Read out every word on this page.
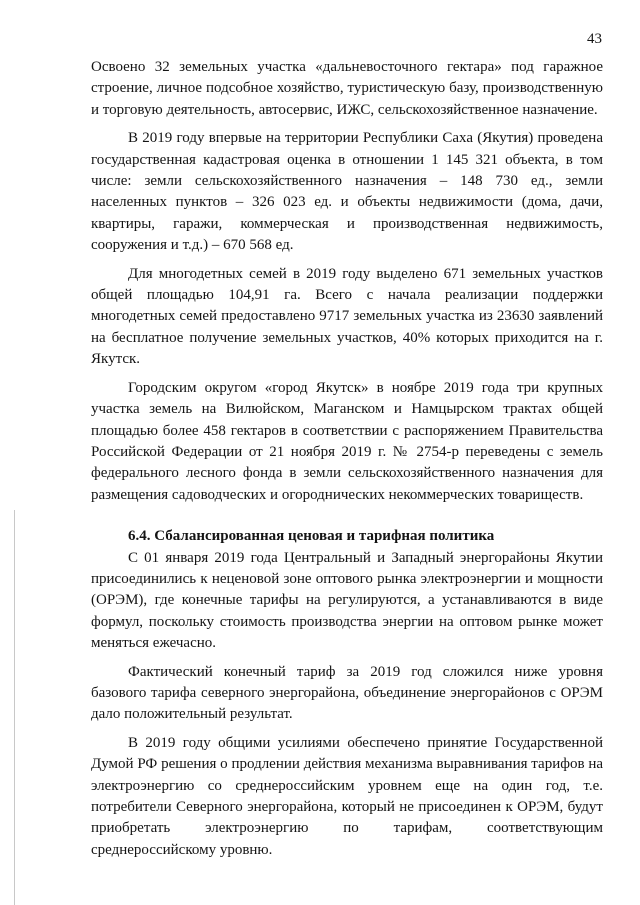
43

Освоено 32 земельных участка «дальневосточного гектара» под гаражное строение, личное подсобное хозяйство, туристическую базу, производственную и торговую деятельность, автосервис, ИЖС, сельскохозяйственное назначение.

В 2019 году впервые на территории Республики Саха (Якутия) проведена государственная кадастровая оценка в отношении 1 145 321 объекта, в том числе: земли сельскохозяйственного назначения – 148 730 ед., земли населенных пунктов – 326 023 ед. и объекты недвижимости (дома, дачи, квартиры, гаражи, коммерческая и производственная недвижимость, сооружения и т.д.) – 670 568 ед.

Для многодетных семей в 2019 году выделено 671 земельных участков общей площадью 104,91 га. Всего с начала реализации поддержки многодетных семей предоставлено 9717 земельных участка из 23630 заявлений на бесплатное получение земельных участков, 40% которых приходится на г. Якутск.

Городским округом «город Якутск» в ноябре 2019 года три крупных участка земель на Вилюйском, Маганском и Намцырском трактах общей площадью более 458 гектаров в соответствии с распоряжением Правительства Российской Федерации от 21 ноября 2019 г. № 2754-р переведены с земель федерального лесного фонда в земли сельскохозяйственного назначения для размещения садоводческих и огороднических некоммерческих товариществ.

6.4. Сбалансированная ценовая и тарифная политика

С 01 января 2019 года Центральный и Западный энергорайоны Якутии присоединились к неценовой зоне оптового рынка электроэнергии и мощности (ОРЭМ), где конечные тарифы на регулируются, а устанавливаются в виде формул, поскольку стоимость производства энергии на оптовом рынке может меняться ежечасно.

Фактический конечный тариф за 2019 год сложился ниже уровня базового тарифа северного энергорайона, объединение энергорайонов с ОРЭМ дало положительный результат.

В 2019 году общими усилиями обеспечено принятие Государственной Думой РФ решения о продлении действия механизма выравнивания тарифов на электроэнергию со среднероссийским уровнем еще на один год, т.е. потребители Северного энергорайона, который не присоединен к ОРЭМ, будут приобретать электроэнергию по тарифам, соответствующим среднероссийскому уровню.
